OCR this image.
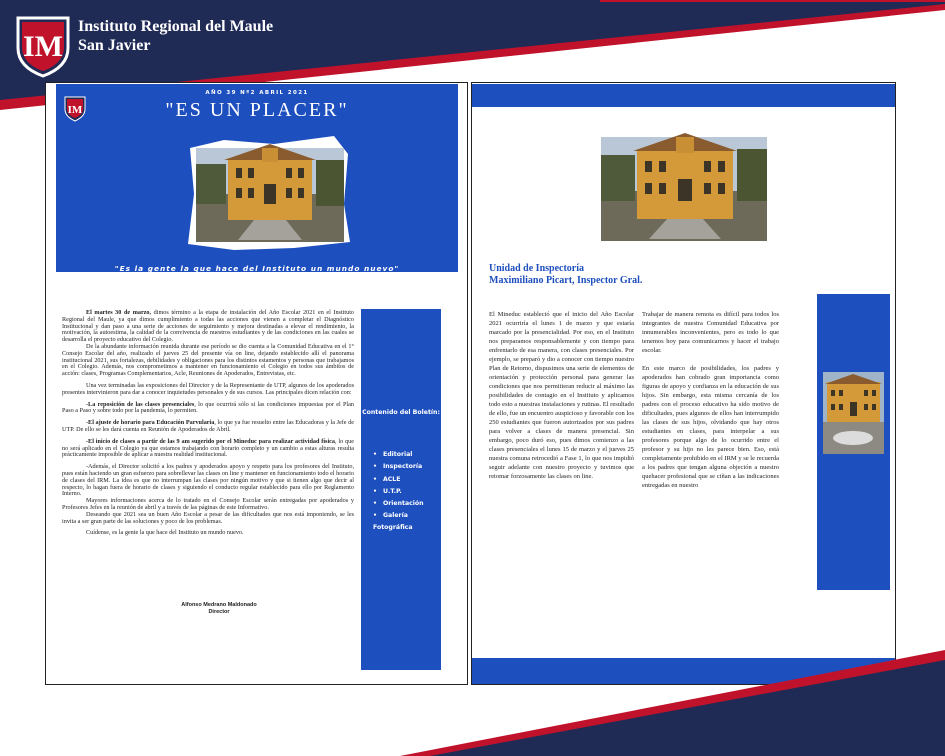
IM
Instituto Regional del Maule
San Javier
IM
AÑO 39 Nº2 ABRIL 2021
"ES UN PLACER"
"Es la gente la que hace del Instituto un mundo nuevo"

El martes 30 de marzo, dimos término a la etapa de instalación del Año Escolar 2021 en el Instituto Regional del Maule, ya que dimos cumplimiento a todas las acciones que vienen a completar el Diagnóstico Institucional y dan paso a una serie de acciones de seguimiento y mejora destinadas a elevar el rendimiento, la motivación, la autoestima, la calidad de la convivencia de nuestros estudiantes y de las condiciones en las cuales se desarrolla el proyecto educativo del Colegio.

De la abundante información reunida durante ese período se dio cuenta a la Comunidad Educativa en el 1° Consejo Escolar del año, realizado el jueves 25 del presente vía on line, dejando establecido allí el panorama institucional 2021, sus fortalezas, debilidades y obligaciones para los distintos estamentos y personas que trabajamos en el Colegio. Además, nos comprometimos a mantener en funcionamiento el Colegio en todos sus ámbitos de acción: clases, Programas Complementarios, Acle, Reuniones de Apoderados, Entrevistas, etc.

Una vez terminadas las exposiciones del Director y de la Representante de UTP, algunos de los apoderados presentes intervinieron para dar a conocer inquietudes personales y de sus cursos. Las principales dicen relación con:

-La reposición de las clases presenciales, lo que ocurrirá sólo si las condiciones impuestas por el Plan Paso a Paso y sobre todo por la pandemia, lo permiten.

-El ajuste de horario para Educación Parvularia, lo que ya fue resuelto entre las Educadoras y la Jefe de UTP. De ello se les dará cuenta en Reunión de Apoderados de Abril.

-El inicio de clases a partir de las 9 am sugerido por el Mineduc para realizar actividad física, lo que no será aplicado en el Colegio ya que estamos trabajando con horario completo y un cambio a estas alturas resulta prácticamente imposible de aplicar a nuestra realidad institucional.

-Además, el Director solicitó a los padres y apoderados apoyo y respeto para los profesores del Instituto, pues están haciendo un gran esfuerzo para sobrellevar las clases on line y mantener en funcionamiento todo el horario de clases del IRM. La idea es que no interrumpan las clases por ningún motivo y que si tienen algo que decir al respecto, lo hagan fuera de horario de clases y siguiendo el conducto regular establecido para ello por Reglamento Interno.

Mayores informaciones acerca de lo tratado en el Consejo Escolar serán entregadas por apoderados y Profesores Jefes en la reunión de abril y a través de las páginas de este Informativo.

Deseando que 2021 sea un buen Año Escolar a pesar de las dificultades que nos está imponiendo, se les invita a ser gran parte de las soluciones y poco de los problemas.

Cuídense, es la gente la que hace del Instituto un mundo nuevo.

Alfonso Medrano Maldonado
Director
Contenido del Boletín:
• Editorial
• Inspectoría
• ACLE
• U.T.P.
• Orientación
• Galería Fotográfica
Unidad de Inspectoría
Maximiliano Picart, Inspector Gral.

El Mineduc estableció que el inicio del Año Escolar 2021 ocurriría el lunes 1 de marzo y que estaría marcado por la presencialidad. Por eso, en el Instituto nos preparamos responsablemente y con tiempo para enfrentarlo de esa manera, con clases presenciales. Por ejemplo, se preparó y dio a conocer con tiempo nuestro Plan de Retorno, dispusimos una serie de elementos de orientación y protección personal para generar las condiciones que nos permitieran reducir al máximo las posibilidades de contagio en el Instituto y aplicamos todo esto a nuestras instalaciones y rutinas. El resultado de ello, fue un encuentro auspicioso y favorable con los 250 estudiantes que fueron autorizados por sus padres para volver a clases de manera presencial. Sin embargo, poco duró eso, pues dimos comienzo a las clases presenciales el lunes 15 de marzo y el jueves 25 nuestra comuna retrocedió a Fase 1, lo que nos impidió seguir adelante con nuestro proyecto y tuvimos que retomar forzosamente las clases on line.

Trabajar de manera remota es difícil para todos los integrantes de nuestra Comunidad Educativa por innumerables inconvenientes, pero es todo lo que tenemos hoy para comunicarnos y hacer el trabajo escolar.

En este marco de posibilidades, los padres y apoderados han cobrado gran importancia como figuras de apoyo y confianza en la educación de sus hijos. Sin embargo, esta misma cercanía de los padres con el proceso educativo ha sido motivo de dificultades, pues algunos de ellos han interrumpido las clases de sus hijos, olvidando que hay otros estudiantes en clases, para interpelar a sus profesores porque algo de lo ocurrido entre el profesor y su hijo no les parece bien. Eso, está completamente prohibido en el IRM y se le recuerda a los padres que tengan alguna objeción a nuestro quehacer profesional que se ciñan a las indicaciones entregadas en nuestro
